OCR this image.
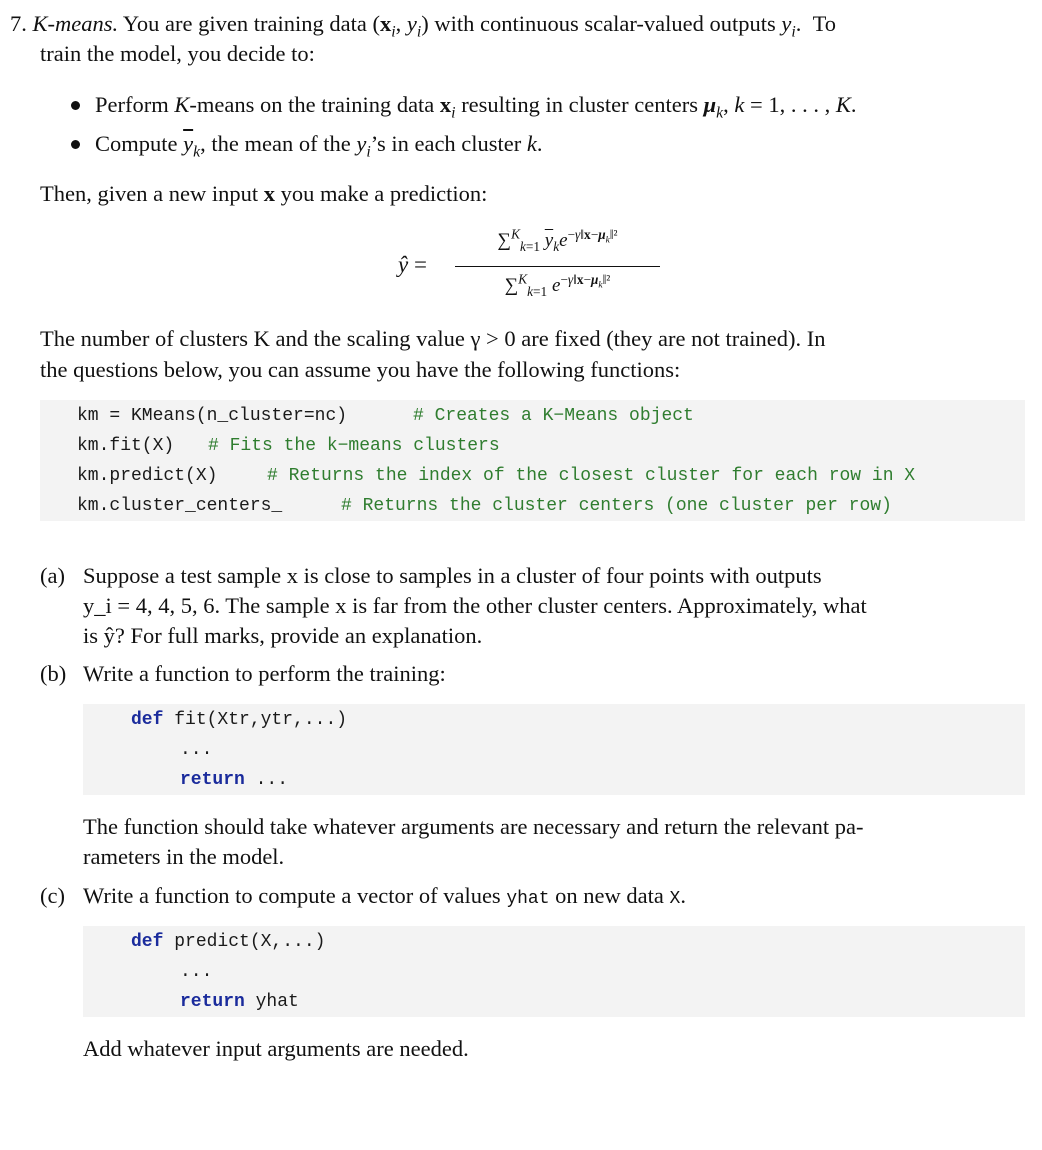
7. K-means. You are given training data ($x_i$, $y_i$) with continuous scalar-valued outputs $y_i$.  To
train the model, you decide to:
Perform K-means on the training data $x_i$ resulting in cluster centers $\mu_k$, k = 1, . . . , K.
Compute $\overline{y}_k$, the mean of the $y_i’s$ in each cluster k.
Then, given a new input x you make a prediction:
ŷ =
∑$^K_{k=1}$ $\overline{y}_ke^{-\gamma‖x-\mu_k‖^2}$
∑$^K_{k=1}$ $e^{-\gamma‖x-\mu_k‖^2}$
The number of clusters K and the scaling value γ > 0 are fixed (they are not trained). In
the questions below, you can assume you have the following functions:
km = KMeans(n_cluster=nc)	# Creates a K−Means object
km.fit(X) # Fits the k−means clusters
km.predict(X)	# Returns the index of the closest cluster for each row in X
km.cluster_centers_	# Returns the cluster centers (one cluster per row)
(a) Suppose a test sample x is close to samples in a cluster of four points with outputs
y_i = 4, 4, 5, 6. The sample x is far from the other cluster centers. Approximately, what
is ŷ? For full marks, provide an explanation.
(b) Write a function to perform the training:
def fit(Xtr,ytr,...)
...
return ...
The function should take whatever arguments are necessary and return the relevant pa-
rameters in the model.
(c) Write a function to compute a vector of values yhat on new data X.
def predict(X,...)
...
return yhat
Add whatever input arguments are needed.
